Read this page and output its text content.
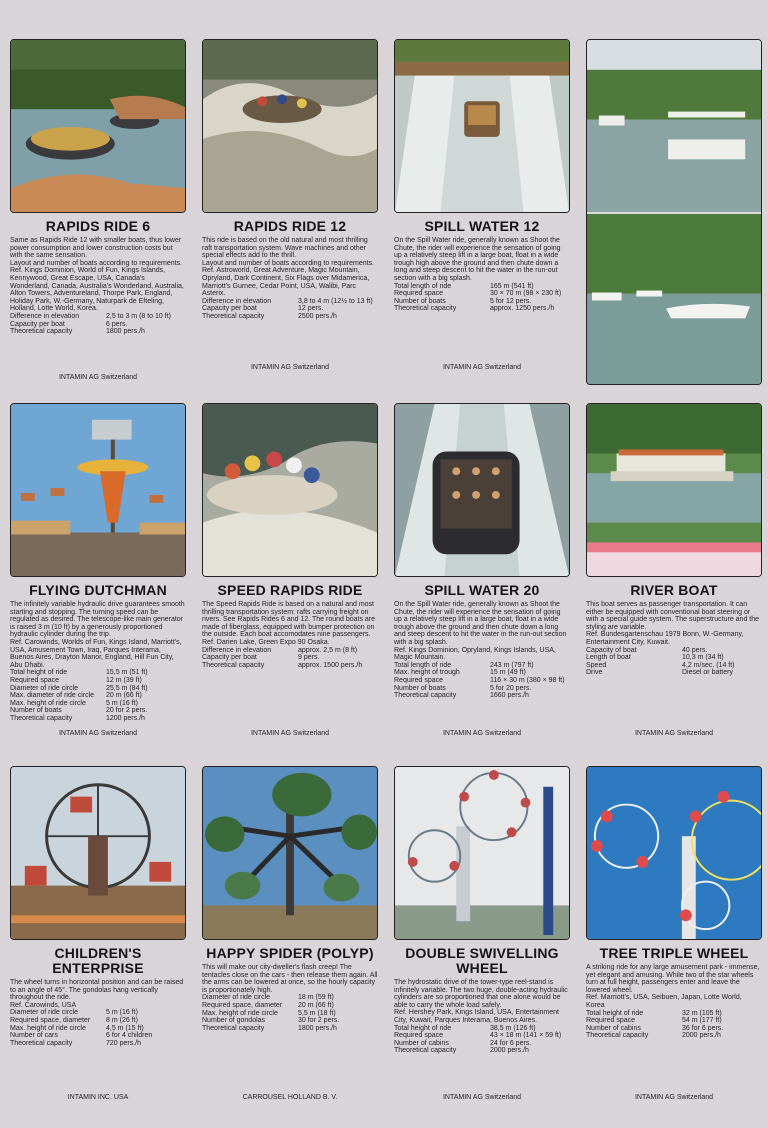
RAPIDS RIDE 6
Same as Rapids Ride 12 with smaller boats, thus lower power consumption and lower construction costs but with the same sensation.
Layout and number of boats according to requirements.
Ref. Kings Dominion, World of Fun, Kings Islands, Kennywood, Great Escape, USA, Canada's Wonderland, Canada, Australia's Wonderland, Australia, Alton Towers, Adventureland, Thorpe Park, England, Holiday Park, W.-Germany, Naturpark de Efteling, Holland, Lotte World, Korea.
Difference in elevation	2,5 to 3 m (8 to 10 ft)
Capacity per boat	6 pers.
Theoretical capacity	1800 pers./h
INTAMIN AG Switzerland
RAPIDS RIDE 12
This ride is based on the old natural and most thrilling raft transportation system. Wave machines and other special effects add to the thrill.
Layout and number of boats according to requirements.
Ref. Astroworld, Great Adventure, Magic Mountain, Opryland, Dark Continent, Six Flags over Midamerica, Marriott's Gurnee, Cedar Point, USA, Walibi, Parc Asterix.
Difference in elevation	3,8 to 4 m (12½ to 13 ft)
Capacity per boat	12 pers.
Theoretical capacity	2500 pers./h
INTAMIN AG Switzerland
SPILL WATER 12
On the Spill Water ride, generally known as Shoot the Chute, the rider will experience the sensation of going up a relatively steep lift in a large boat, float in a wide trough high above the ground and then chute down a long and steep descent to hit the water in the run-out section with a big splash.
Total length of ride	165 m (541 ft)
Required space	30 × 70 m (98 × 230 ft)
Number of boats	5 for 12 pers.
Theoretical capacity	approx. 1250 pers./h
INTAMIN AG Switzerland
FLYING DUTCHMAN
The infinitely variable hydraulic drive guarantees smooth starting and stopping. The turning speed can be regulated as desired. The telescope-like main generator is raised 3 m (10 ft) by a generously proportioned hydraulic cylinder during the trip.
Ref. Carowinds, Worlds of Fun, Kings Island, Marriott's, USA, Amusement Town, Iraq, Parques Interama, Buenos Aires, Drayton Manor, England, Hill Fun City, Abu Dhabi.
Total height of ride	15,5 m (51 ft)
Required space	12 m (39 ft)
Diameter of ride circle	25,5 m (84 ft)
Max. diameter of ride circle	20 m (66 ft)
Max. height of ride circle	5 m (16 ft)
Number of boats	20 for 2 pers.
Theoretical capacity	1200 pers./h
INTAMIN AG Switzerland
SPEED RAPIDS RIDE
The Speed Rapids Ride is based on a natural and most thrilling transportation system: rafts carrying freight on rivers. See Rapids Rides 6 and 12. The round boats are made of fiberglass, equipped with bumper protection on the outside. Each boat accomodates nine passengers.
Ref. Darien Lake, Green Expo 90 Osaka.
Difference in elevation	approx. 2,5 m (8 ft)
Capacity per boat	9 pers.
Theoretical capacity	approx. 1500 pers./h
INTAMIN AG Switzerland
SPILL WATER 20
On the Spill Water ride, generally known as Shoot the Chute, the rider will experience the sensation of going up a relatively steep lift in a large boat, float in a wide trough above the ground and then chute down a long and steep descent to hit the water in the run-out section with a big splash.
Ref. Kings Dominion, Opryland, Kings Islands, USA, Magic Mountain.
Total length of ride	243 m (797 ft)
Max. height of trough	15 m (49 ft)
Required space	116 × 30 m (380 × 98 ft)
Number of boats	5 for 20 pers.
Theoretical capacity	1660 pers./h
INTAMIN AG Switzerland
RIVER BOAT
This boat serves as passenger transportation. It can either be equipped with conventional boat steering or with a special guide system. The superstructure and the styling are variable.
Ref. Bundesgartenschau 1979 Bonn, W.-Germany, Entertainment City, Kuwait.
Capacity of boat	40 pers.
Length of boat	10,3 m (34 ft)
Speed	4,2 m/sec. (14 ft)
Drive	Diesel or battery
INTAMIN AG Switzerland
CHILDREN'S ENTERPRISE
The wheel turns in horizontal position and can be raised to an angle of 45°. The gondolas hang vertically throughout the ride.
Ref. Carowinds, USA
Diameter of ride circle	5 m (16 ft)
Required space, diameter	8 m (26 ft)
Max. height of ride circle	4,5 m (15 ft)
Number of cars	6 for 4 children
Theoretical capacity	720 pers./h
INTAMIN INC. USA
HAPPY SPIDER (POLYP)
This will make our city-dweller's flash creep! The tentacles close on the cars - then release them again. All the arms can be lowered at once, so the hourly capacity is proportionately high.
Diameter of ride circle	18 m (59 ft)
Required space, diameter	20 m (66 ft)
Max. height of ride circle	5,5 m (18 ft)
Number of gondolas	30 for 2 pers.
Theoretical capacity	1800 pers./h
CARROUSEL HOLLAND B. V.
DOUBLE SWIVELLING WHEEL
The hydrostatic drive of the tower-type reel-stand is infinitely variable. The two huge, double-acting hydraulic cylinders are so proportioned that one alone would be able to carry the whole load safely.
Ref. Hershey Park, Kings Island, USA, Entertainment City, Kuwait, Parques Interama, Buenos Aires.
Total height of ride	38,5 m (126 ft)
Required space	43 × 18 m (141 × 59 ft)
Number of cabins	24 for 6 pers.
Theoretical capacity	2000 pers./h
INTAMIN AG Switzerland
TREE TRIPLE WHEEL
A striking ride for any large amusement park - immense, yet elegant and amusing. While two of the star wheels turn at full height, passengers enter and leave the lowered wheel.
Ref. Marriott's, USA, Seibuen, Japan, Lotte World, Korea
Total height of ride	32 m (105 ft)
Required space	54 m (177 ft)
Number of cabins	36 for 6 pers.
Theoretical capacity	2000 pers./h
INTAMIN AG Switzerland
